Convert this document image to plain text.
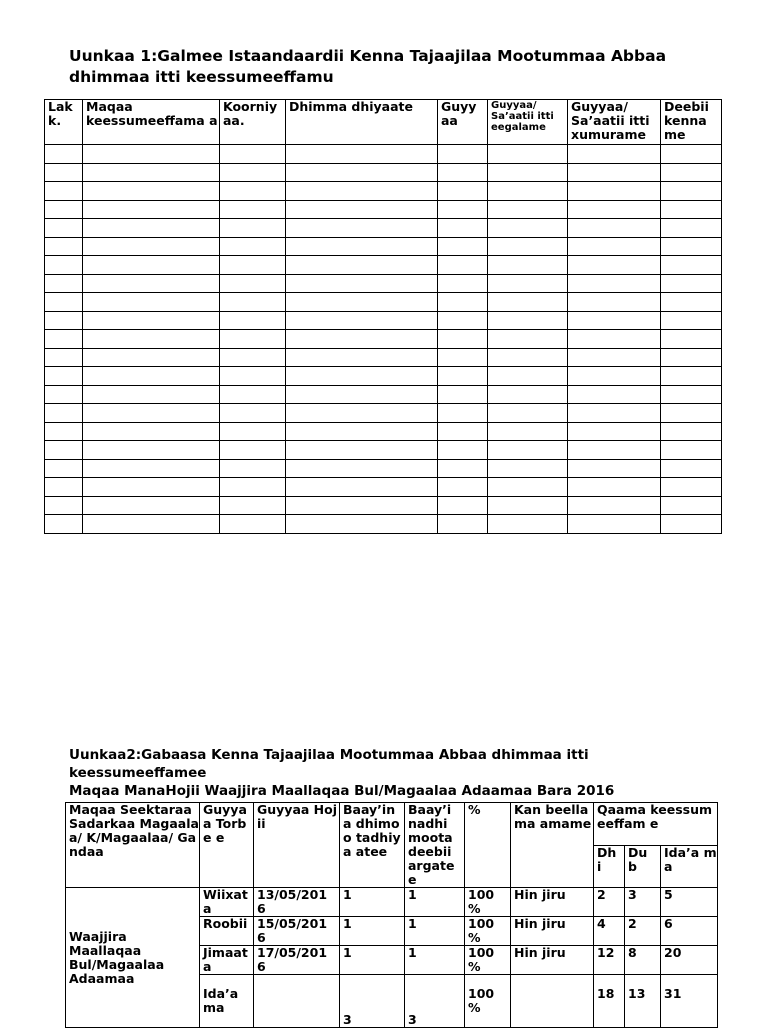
Uunkaa 1:Galmee Istaandaardii Kenna Tajaajilaa Mootummaa Abbaa
dhimmaa itti keessumeeffamu
Lak k.	Maqaa keessumeeffama a	Koorniy aa.	Dhimma dhiyaate	Guyy aa	Guyyaa/ Sa’aatii itti eegalame	Guyyaa/ Sa’aatii itti xumurame	Deebii kenna me

Uunkaa2:Gabaasa Kenna Tajaajilaa Mootummaa Abbaa dhimmaa itti
keessumeeffamee
Maqaa ManaHojii Waajjira Maallaqaa Bul/Magaalaa Adaamaa Bara 2016
Maqaa Seektaraa Sadarkaa Magaalaa/ K/Magaalaa/ Gandaa	Guyya a Torbe e	Guyyaa Hojii	Baay’in a dhimoo tadhiya atee	Baay’i nadhi moota deebii argate e	%	Kan beellama amame	Qaama keessumeeffam e		
							Dh i	Du b	Ida’a ma
Waajjira Maallaqaa Bul/Magaalaa Adaamaa	Wiixat a	13/05/201 6	1	1	100 %	Hin jiru	2	3	5
	Roobii	15/05/201 6	1	1	100 %	Hin jiru	4	2	6
	Jimaat a	17/05/201 6	1	1	100 %	Hin jiru	12	8	20
	Ida’a ma		3	3	100 %		18	13	31
